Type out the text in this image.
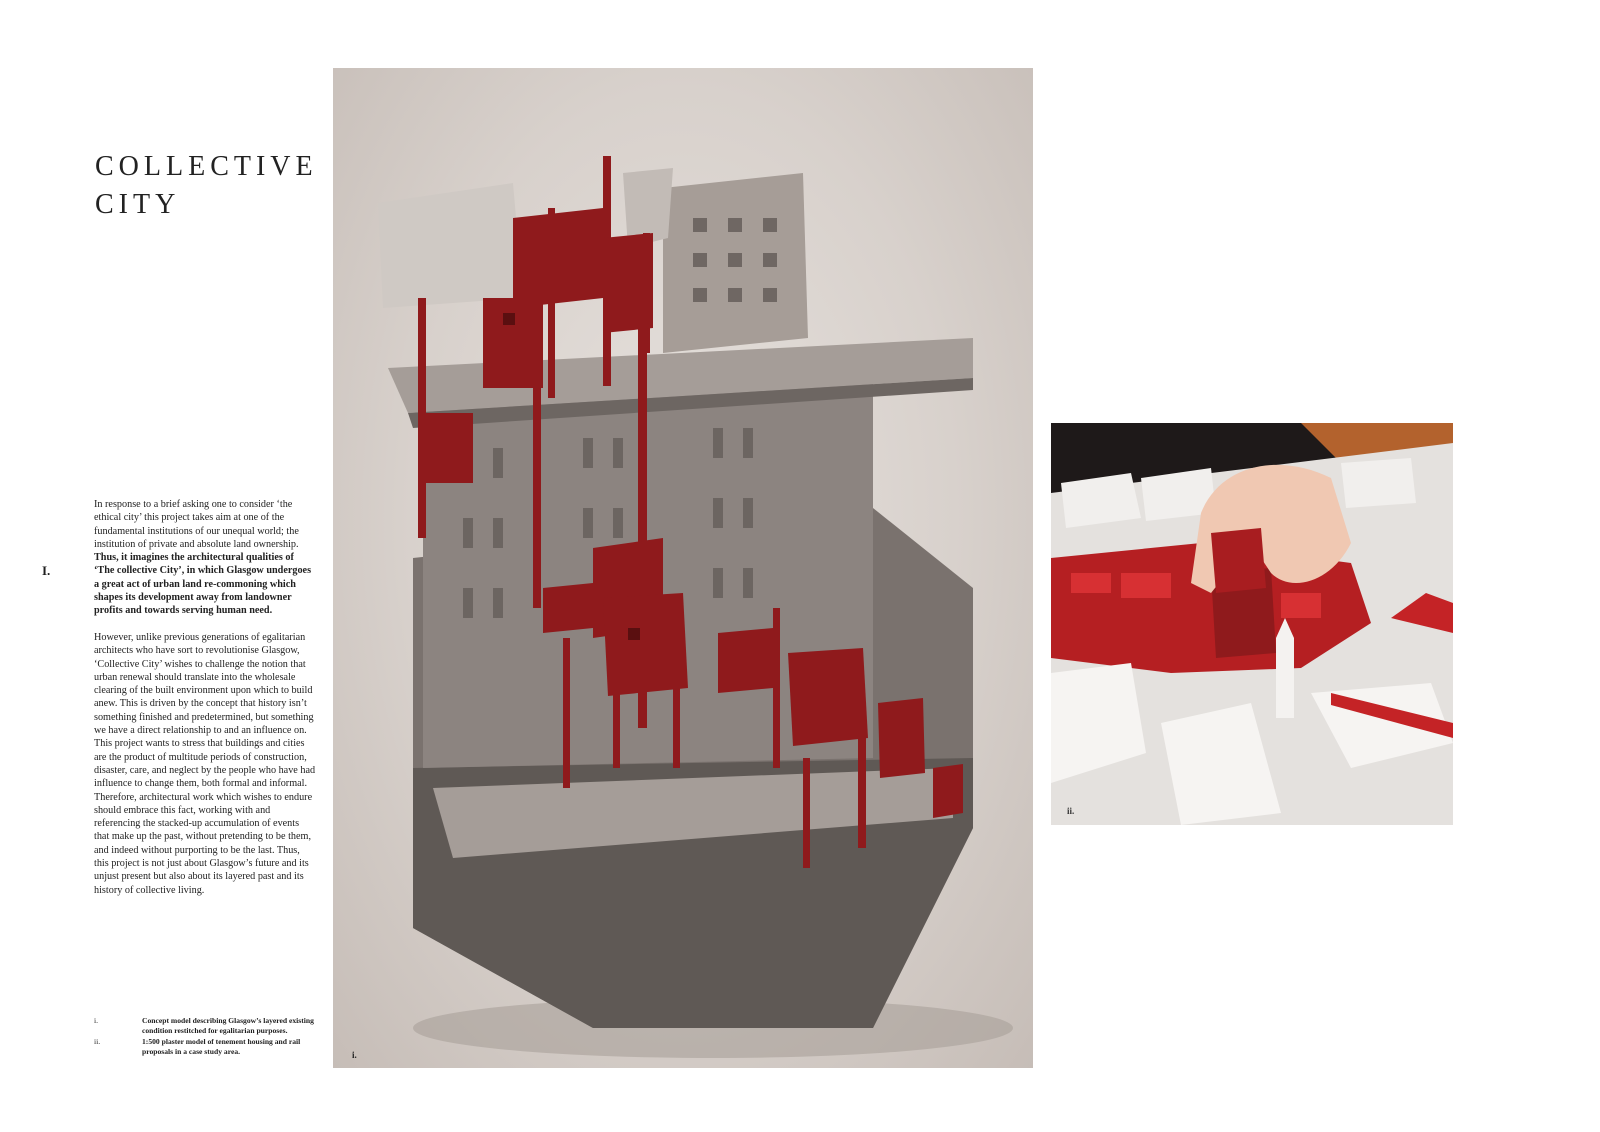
COLLECTIVE
CITY
I.

In response to a brief asking one to consider ‘the ethical city’ this project takes aim at one of the fundamental institutions of our unequal world; the institution of private and absolute land ownership. Thus, it imagines the architectural qualities of ‘The collective City’, in which Glasgow undergoes a great act of urban land re-commoning which shapes its development away from landowner profits and towards serving human need.

However, unlike previous generations of egalitarian architects who have sort to revolutionise Glasgow, ‘Collective City’ wishes to challenge the notion that urban renewal should translate into the wholesale clearing of the built environment upon which to build anew. This is driven by the concept that history isn’t something finished and predetermined, but something we have a direct relationship to and an influence on. This project wants to stress that buildings and cities are the product of multitude periods of construction, disaster, care, and neglect by the people who have had influence to change them, both formal and informal. Therefore, architectural work which wishes to endure should embrace this fact, working with and referencing the stacked-up accumulation of events that make up the past, without pretending to be them, and indeed without purporting to be the last. Thus, this project is not just about Glasgow’s future and its unjust present but also about its layered past and its history of collective living.

i.	Concept model describing Glasgow’s layered existing condition restitched for egalitarian purposes.
ii.	1:500 plaster model of tenement housing and rail proposals in a case study area.	i.
ii.
